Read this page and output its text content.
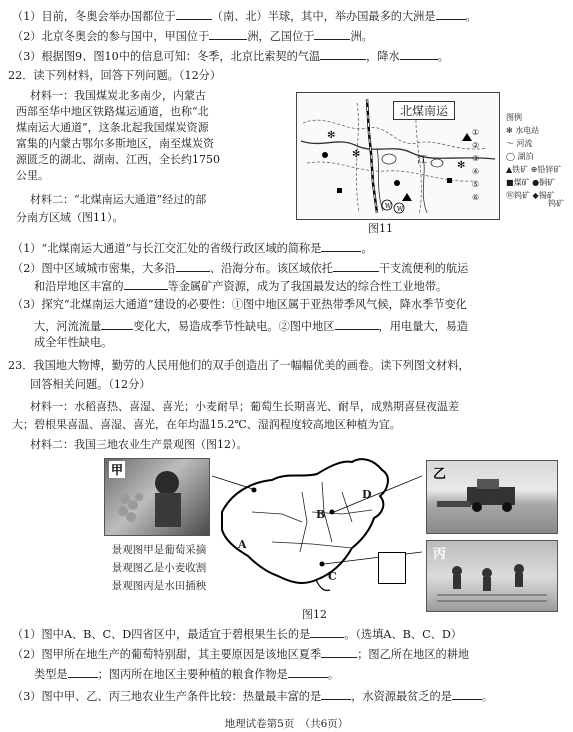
（1）目前，冬奥会举办国都位于	（南、北）半球，其中，举办国最多的大洲是	。
（2）北京冬奥会的参与国中，甲国位于	洲，乙国位于	洲。
（3）根据图9、图10中的信息可知：冬季，北京比索契的气温	，降水	。
22．读下列材料，回答下列问题。（12分）
材料一：我国煤炭北多南少，内蒙古
西部至华中地区铁路煤运通道，也称“北
煤南运大通道”，这条北起我国煤炭资源
富集的内蒙古鄂尔多斯地区，南至煤炭资
源匮乏的湖北、湖南、江西，全长约1750
公里。
材料二：“北煤南运大通道”经过的部
分南方区域（图11）。
W W
✻
✻
✻
北煤南运
江
图例
✻ 水电站
～ 河流
◯ 湖泊
▲铁矿 ⊕铅锌矿
■煤矿 ●铜矿
Ⓦ钨矿 ◆锡矿
①
②
③
④
⑤
⑥
钨矿
图11
（1）“北煤南运大通道”与长江交汇处的省级行政区域的简称是	。
（2）图中区域城市密集，大多沿	、沿海分布。该区域依托	干支流便利的航运
和沿岸地区丰富的	等金属矿产资源，成为了我国最发达的综合性工业地带。
（3）探究“北煤南运大通道”建设的必要性：①图中地区属于亚热带季风气候，降水季节变化
大，河流流量	变化大，易造成季节性缺电。②图中地区	，用电量大，易造
成全年性缺电。
23．我国地大物博，勤劳的人民用他们的双手创造出了一幅幅优美的画卷。读下列图文材料，
回答相关问题。（12分）
材料一：水稻喜热、喜湿、喜光；小麦耐旱；葡萄生长期喜光、耐旱，成熟期喜昼夜温差
大；碧根果喜温、喜湿、喜光，在年均温15.2℃、湿润程度较高地区种植为宜。
材料二：我国三地农业生产景观图（图12）。
甲
景观图甲是葡萄采摘
景观图乙是小麦收割
景观图丙是水田插秧
A
B
C
D
乙
丙
图12
（1）图中A、B、C、D四省区中，最适宜于碧根果生长的是	。（选填A、B、C、D）
（2）图甲所在地生产的葡萄特别甜，其主要原因是该地区夏季	；图乙所在地区的耕地
类型是	；图丙所在地区主要种植的粮食作物是	。
（3）图中甲、乙、丙三地农业生产条件比较：热量最丰富的是	，水资源最贫乏的是	。
地理试卷第5页　（共6页）
